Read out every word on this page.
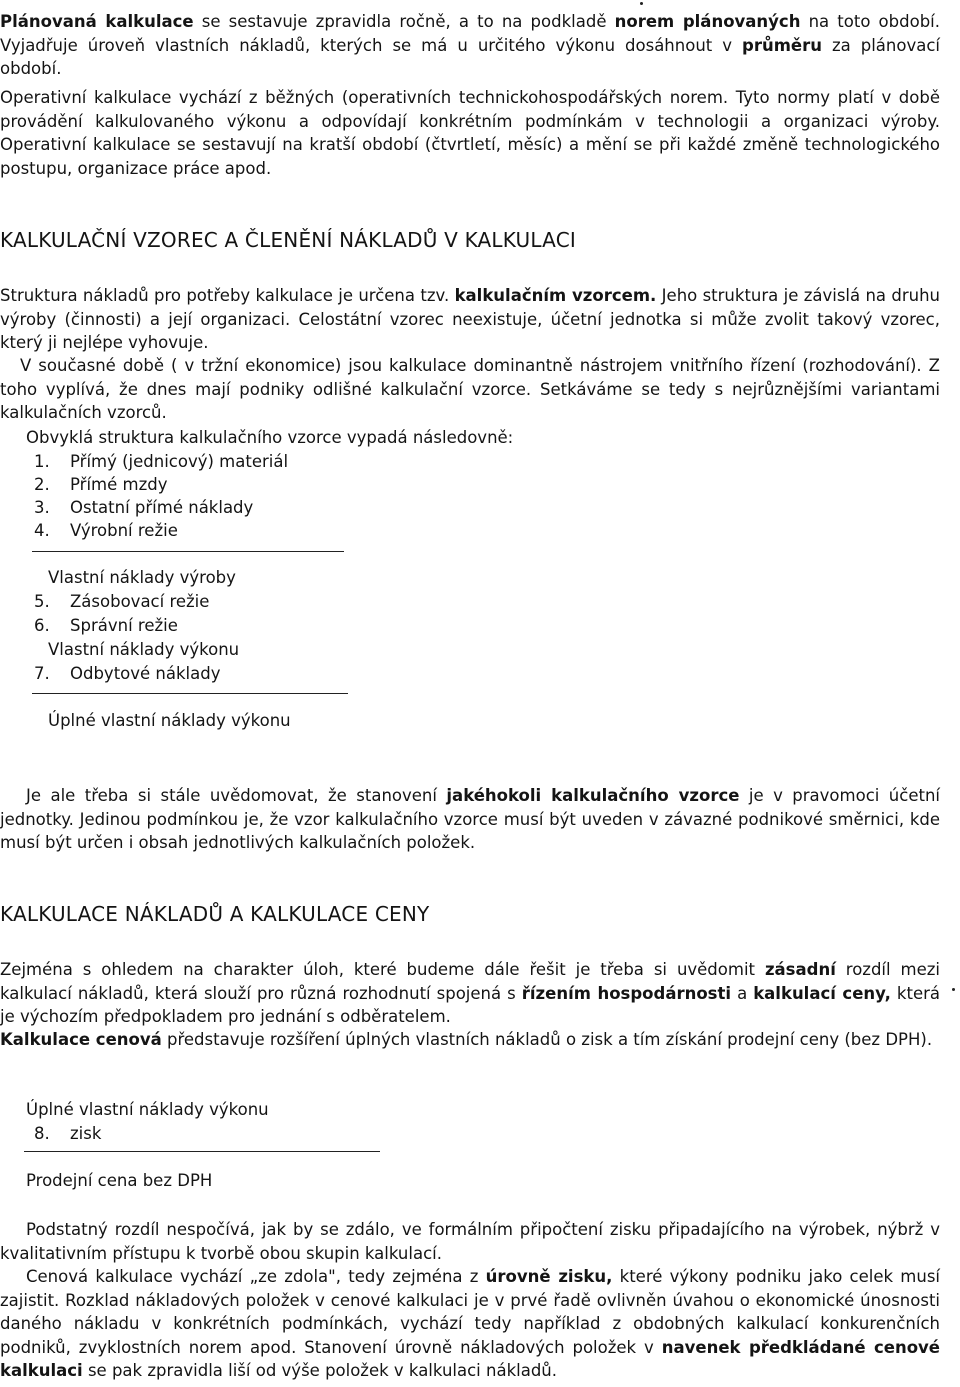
Plánovaná kalkulace se sestavuje zpravidla ročně, a to na podkladě norem plánovaných na toto období. Vyjadřuje úroveň vlastních nákladů, kterých se má u určitého výkonu dosáhnout v průměru za plánovací období.

Operativní kalkulace vychází z běžných (operativních technickohospodářských norem. Tyto normy platí v době provádění kalkulovaného výkonu a odpovídají konkrétním podmínkám v technologii a organizaci výroby. Operativní kalkulace se sestavují na kratší období (čtvrtletí, měsíc) a mění se při každé změně technologického postupu, organizace práce apod.

KALKULAČNÍ VZOREC A ČLENĚNÍ NÁKLADŮ V KALKULACI

Struktura nákladů pro potřeby kalkulace je určena tzv. kalkulačním vzorcem. Jeho struktura je závislá na druhu výroby (činnosti) a její organizaci. Celostátní vzorec neexistuje, účetní jednotka si může zvolit takový vzorec, který ji nejlépe vyhovuje.

V současné době ( v tržní ekonomice) jsou kalkulace dominantně nástrojem vnitřního řízení (rozhodování). Z toho vyplívá, že dnes mají podniky odlišné kalkulační vzorce. Setkáváme se tedy s nejrůznějšími variantami kalkulačních vzorců.

Obvyklá struktura kalkulačního vzorce vypadá následovně:

1. Přímý (jednicový) materiál
2. Přímé mzdy
3. Ostatní přímé náklady
4. Výrobní režie
Vlastní náklady výroby
5. Zásobovací režie
6. Správní režie
Vlastní náklady výkonu
7. Odbytové náklady
Úplné vlastní náklady výkonu

Je ale třeba si stále uvědomovat, že stanovení jakéhokoli kalkulačního vzorce je v pravomoci účetní jednotky. Jedinou podmínkou je, že vzor kalkulačního vzorce musí být uveden v závazné podnikové směrnici, kde musí být určen i obsah jednotlivých kalkulačních položek.

KALKULACE NÁKLADŮ A KALKULACE CENY

Zejména s ohledem na charakter úloh, které budeme dále řešit je třeba si uvědomit zásadní rozdíl mezi kalkulací nákladů, která slouží pro různá rozhodnutí spojená s řízením hospodárnosti a kalkulací ceny, která je výchozím předpokladem pro jednání s odběratelem.

Kalkulace cenová představuje rozšíření úplných vlastních nákladů o zisk a tím získání prodejní ceny (bez DPH).

Úplné vlastní náklady výkonu
8. zisk
Prodejní cena bez DPH

Podstatný rozdíl nespočívá, jak by se zdálo, ve formálním připočtení zisku připadajícího na výrobek, nýbrž v kvalitativním přístupu k tvorbě obou skupin kalkulací.

Cenová kalkulace vychází „ze zdola", tedy zejména z úrovně zisku, které výkony podniku jako celek musí zajistit. Rozklad nákladových položek v cenové kalkulaci je v prvé řadě ovlivněn úvahou o ekonomické únosnosti daného nákladu v konkrétních podmínkách, vychází tedy například z obdobných kalkulací konkurenčních podniků, zvyklostních norem apod. Stanovení úrovně nákladových položek v navenek předkládané cenové kalkulaci se pak zpravidla liší od výše položek v kalkulaci nákladů.
